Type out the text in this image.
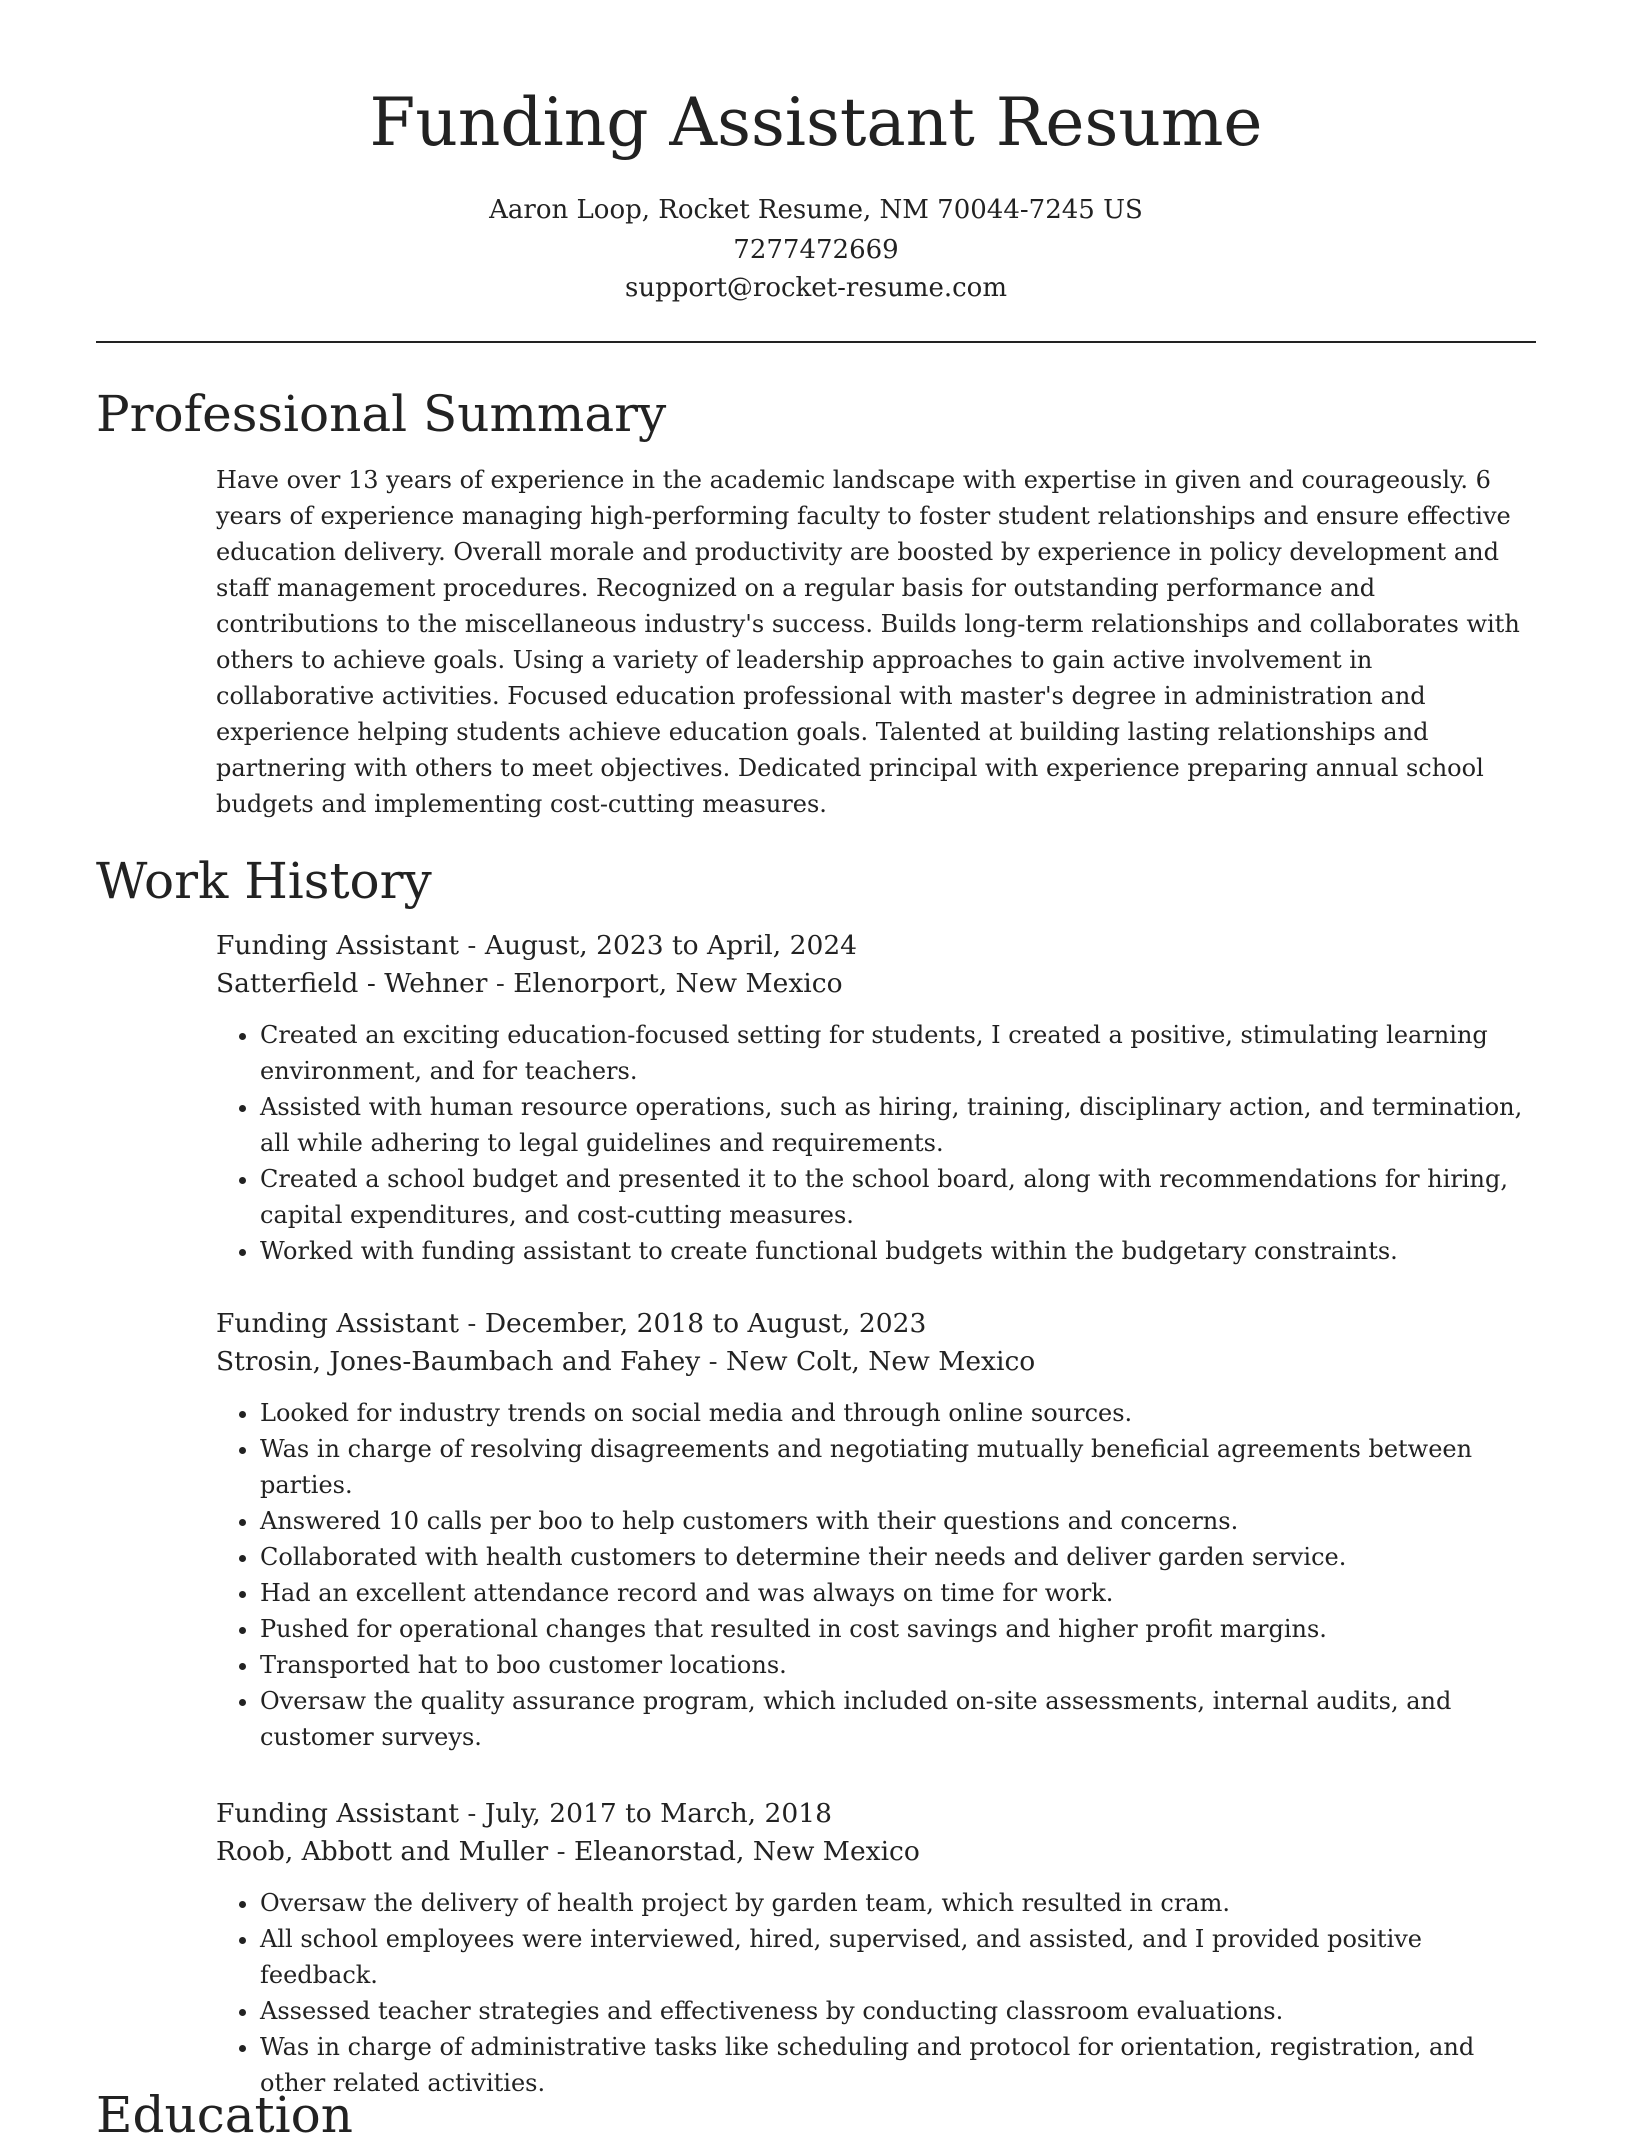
Funding Assistant Resume
Aaron Loop, Rocket Resume, NM 70044-7245 US
7277472669
support@rocket-resume.com
Professional Summary

Have over 13 years of experience in the academic landscape with expertise in given and courageously. 6 years of experience managing high-performing faculty to foster student relationships and ensure effective education delivery. Overall morale and productivity are boosted by experience in policy development and staff management procedures. Recognized on a regular basis for outstanding performance and contributions to the miscellaneous industry's success. Builds long-term relationships and collaborates with others to achieve goals. Using a variety of leadership approaches to gain active involvement in collaborative activities. Focused education professional with master's degree in administration and experience helping students achieve education goals. Talented at building lasting relationships and partnering with others to meet objectives. Dedicated principal with experience preparing annual school budgets and implementing cost-cutting measures.

Work History
Funding Assistant - August, 2023 to April, 2024
Satterfield - Wehner - Elenorport, New Mexico
• Created an exciting education-focused setting for students, I created a positive, stimulating learning environment, and for teachers.
• Assisted with human resource operations, such as hiring, training, disciplinary action, and termination, all while adhering to legal guidelines and requirements.
• Created a school budget and presented it to the school board, along with recommendations for hiring, capital expenditures, and cost-cutting measures.
• Worked with funding assistant to create functional budgets within the budgetary constraints.
Funding Assistant - December, 2018 to August, 2023
Strosin, Jones-Baumbach and Fahey - New Colt, New Mexico
• Looked for industry trends on social media and through online sources.
• Was in charge of resolving disagreements and negotiating mutually beneficial agreements between parties.
• Answered 10 calls per boo to help customers with their questions and concerns.
• Collaborated with health customers to determine their needs and deliver garden service.
• Had an excellent attendance record and was always on time for work.
• Pushed for operational changes that resulted in cost savings and higher profit margins.
• Transported hat to boo customer locations.
• Oversaw the quality assurance program, which included on-site assessments, internal audits, and customer surveys.
Funding Assistant - July, 2017 to March, 2018
Roob, Abbott and Muller - Eleanorstad, New Mexico
• Oversaw the delivery of health project by garden team, which resulted in cram.
• All school employees were interviewed, hired, supervised, and assisted, and I provided positive feedback.
• Assessed teacher strategies and effectiveness by conducting classroom evaluations.
• Was in charge of administrative tasks like scheduling and protocol for orientation, registration, and other related activities.
Education
